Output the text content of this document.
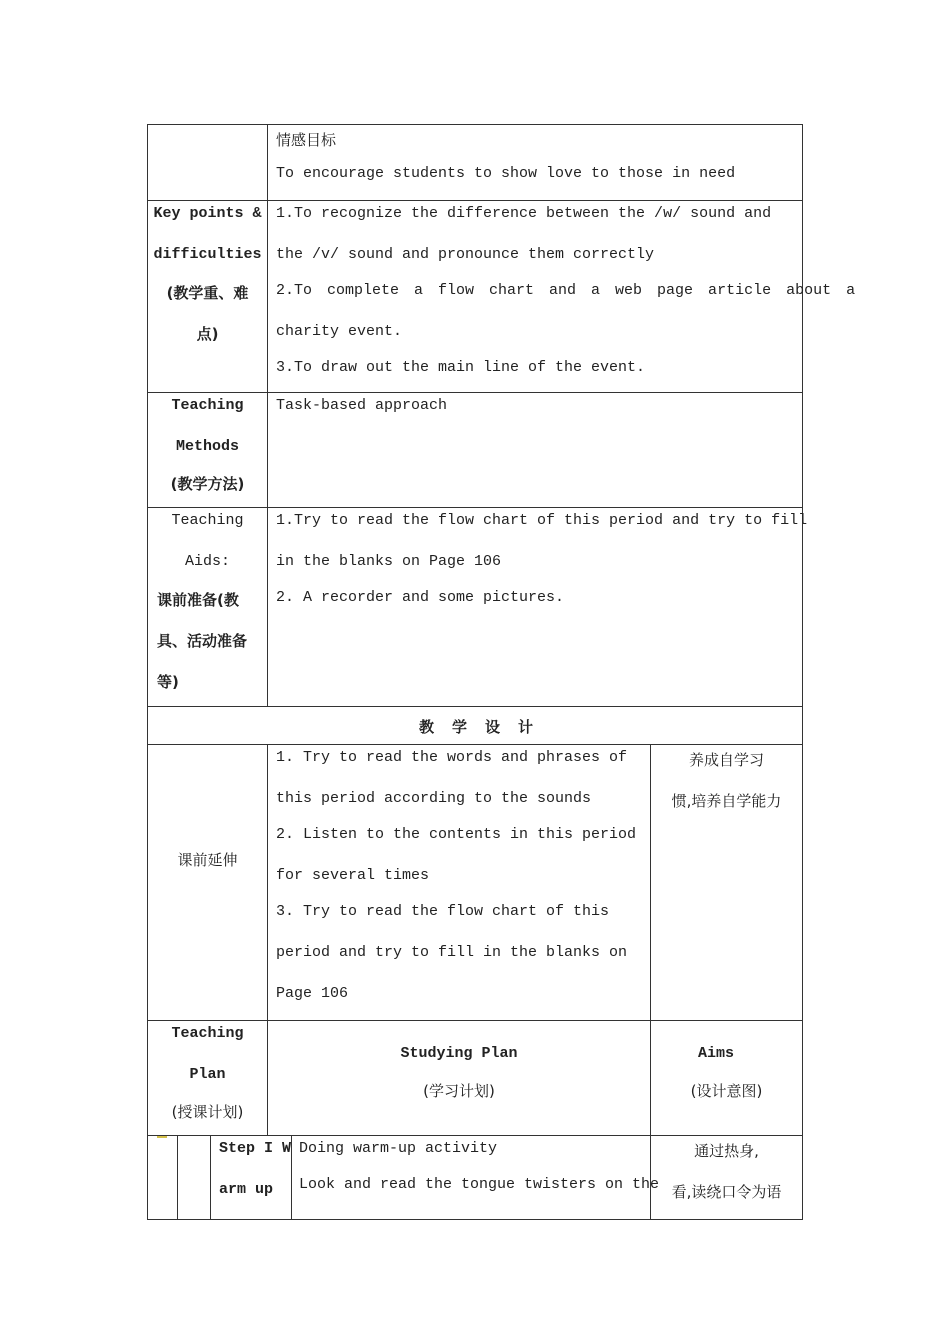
情感目标
To encourage students to show love to those in need
Key points &
difficulties
(教学重、难
点)
1.To recognize the difference between the /w/ sound and
the /v/ sound and pronounce them correctly
2.To complete a flow chart and a web page article about a
charity event.
3.To draw out the main line of the event.
Teaching
Methods
(教学方法)
Task-based approach
Teaching
Aids:
课前准备(教
具、活动准备
等)
1.Try to read the flow chart of this period and try to fill
in the blanks on Page 106
2. A recorder and some pictures.
教学设计
课前延伸
1. Try to read the words and phrases of
this period according to the sounds
2. Listen to the contents in this period
for several times
3. Try to read the flow chart of this
period and try to fill in the blanks on
Page 106
养成自学习
惯,培养自学能力
Teaching
Plan
(授课计划)
Studying Plan
(学习计划)
Aims
(设计意图)
Step I W
arm up
Doing warm-up activity
Look and read the tongue twisters on the
通过热身,
看,读绕口令为语
